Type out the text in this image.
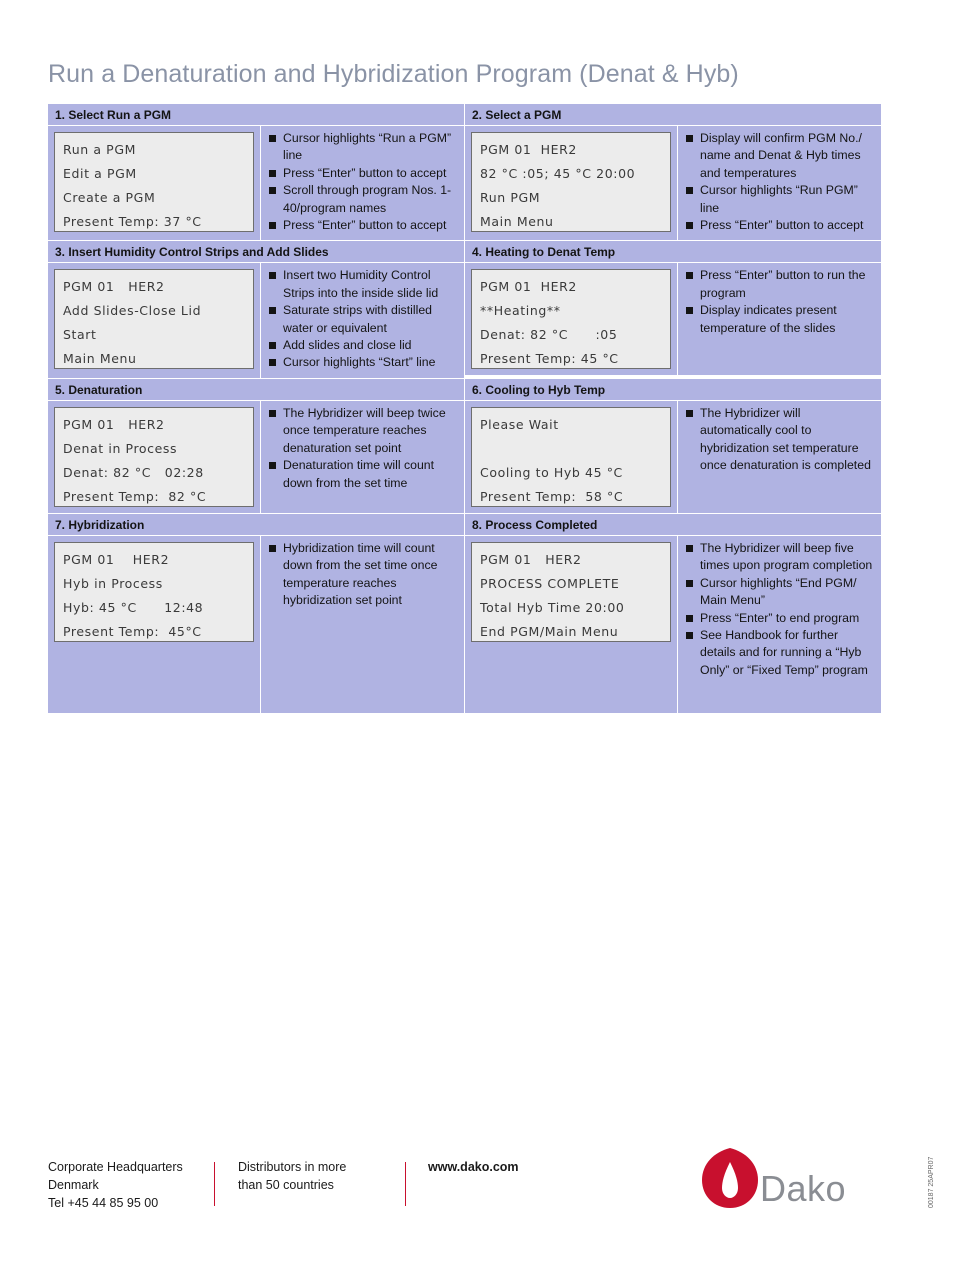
Run a Denaturation and Hybridization Program (Denat & Hyb)
1. Select Run a PGM
Run a PGM
Edit a PGM
Create a PGM
Present Temp: 37 °C
Cursor highlights “Run a PGM” line
Press “Enter” button to accept
Scroll through program Nos. 1-40/program names
Press “Enter” button to accept
2. Select a PGM
PGM 01  HER2
82 °C :05; 45 °C 20:00
Run PGM
Main Menu
Display will confirm PGM No./ name and Denat & Hyb times and temperatures
Cursor highlights “Run PGM” line
Press “Enter” button to accept
3. Insert Humidity Control Strips and Add Slides
PGM 01   HER2
Add Slides-Close Lid
Start
Main Menu
Insert two Humidity Control Strips into the inside slide lid
Saturate strips with distilled water or equivalent
Add slides and close lid
Cursor highlights “Start” line
4. Heating to Denat Temp
PGM 01  HER2
**Heating**
Denat: 82 °C      :05
Present Temp: 45 °C
Press “Enter” button to run the program
Display indicates present temperature of the slides
5. Denaturation
PGM 01   HER2
Denat in Process
Denat: 82 °C   02:28
Present Temp:  82 °C
The Hybridizer will beep twice once temperature reaches denaturation set point
Denaturation time will count down from the set time
6. Cooling to Hyb Temp
Please Wait
Cooling to Hyb 45 °C
Present Temp:  58 °C
The Hybridizer will automatically cool to hybridization set temperature once denaturation is completed
7. Hybridization
PGM 01    HER2
Hyb in Process
Hyb: 45 °C      12:48
Present Temp:  45°C
Hybridization time will count down from the set time once temperature reaches hybridization set point
8. Process Completed
PGM 01   HER2
PROCESS COMPLETE
Total Hyb Time 20:00
End PGM/Main Menu
The Hybridizer will beep five times upon program completion
Cursor highlights “End PGM/ Main Menu”
Press “Enter” to end program
See Handbook for further details and for running a “Hyb Only” or “Fixed Temp” program
Corporate Headquarters
Denmark
Tel +45 44 85 95 00
Distributors in more
than 50 countries
www.dako.com
Dako	00187 25APR07
